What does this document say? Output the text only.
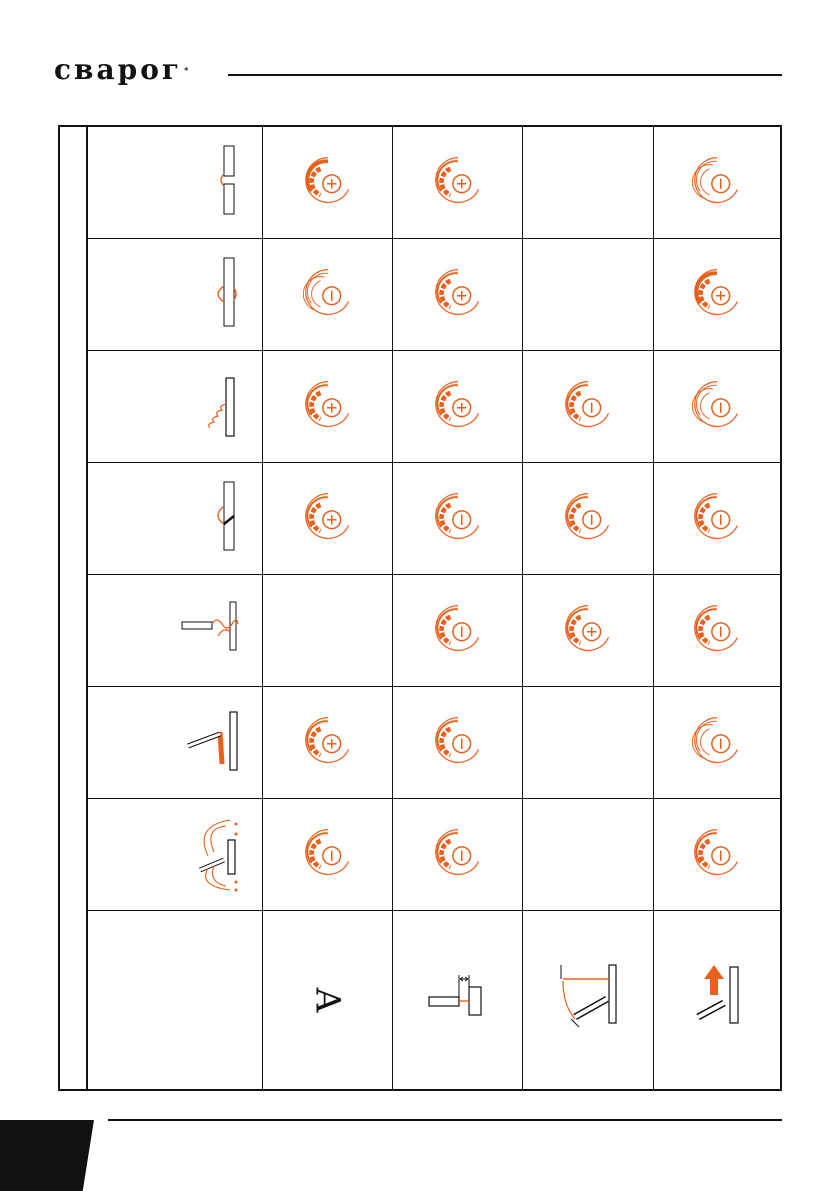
сварог *
A
